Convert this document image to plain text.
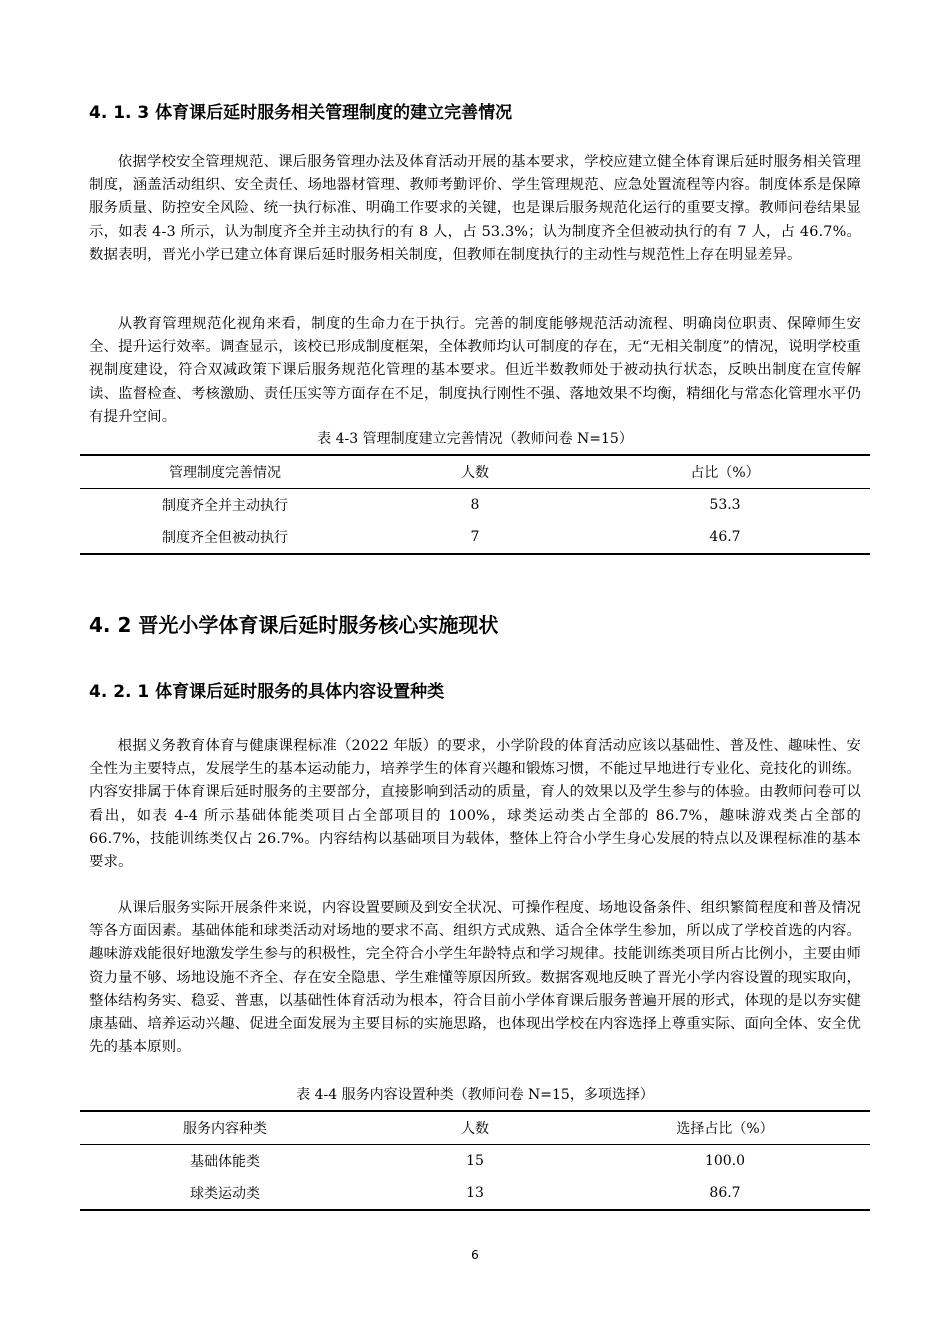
4. 1. 3 体育课后延时服务相关管理制度的建立完善情况

依据学校安全管理规范、课后服务管理办法及体育活动开展的基本要求，学校应建立健全体育课后延时服务相关管理制度，涵盖活动组织、安全责任、场地器材管理、教师考勤评价、学生管理规范、应急处置流程等内容。制度体系是保障服务质量、防控安全风险、统一执行标准、明确工作要求的关键，也是课后服务规范化运行的重要支撑。教师问卷结果显示，如表 4-3 所示，认为制度齐全并主动执行的有 8 人，占 53.3%；认为制度齐全但被动执行的有 7 人，占 46.7%。数据表明，晋光小学已建立体育课后延时服务相关制度，但教师在制度执行的主动性与规范性上存在明显差异。

从教育管理规范化视角来看，制度的生命力在于执行。完善的制度能够规范活动流程、明确岗位职责、保障师生安全、提升运行效率。调查显示，该校已形成制度框架，全体教师均认可制度的存在，无“无相关制度”的情况，说明学校重视制度建设，符合双减政策下课后服务规范化管理的基本要求。但近半数教师处于被动执行状态，反映出制度在宣传解读、监督检查、考核激励、责任压实等方面存在不足，制度执行刚性不强、落地效果不均衡，精细化与常态化管理水平仍有提升空间。

表 4-3 管理制度建立完善情况（教师问卷 N=15）
管理制度完善情况	人数	占比（%）
制度齐全并主动执行	8	53.3
制度齐全但被动执行	7	46.7
4. 2 晋光小学体育课后延时服务核心实施现状
4. 2. 1 体育课后延时服务的具体内容设置种类

根据义务教育体育与健康课程标准（2022 年版）的要求，小学阶段的体育活动应该以基础性、普及性、趣味性、安全性为主要特点，发展学生的基本运动能力，培养学生的体育兴趣和锻炼习惯，不能过早地进行专业化、竞技化的训练。内容安排属于体育课后延时服务的主要部分，直接影响到活动的质量，育人的效果以及学生参与的体验。由教师问卷可以看出，如表 4-4 所示基础体能类项目占全部项目的 100%，球类运动类占全部的 86.7%，趣味游戏类占全部的 66.7%，技能训练类仅占 26.7%。内容结构以基础项目为载体，整体上符合小学生身心发展的特点以及课程标准的基本要求。

从课后服务实际开展条件来说，内容设置要顾及到安全状况、可操作程度、场地设备条件、组织繁简程度和普及情况等各方面因素。基础体能和球类活动对场地的要求不高、组织方式成熟、适合全体学生参加，所以成了学校首选的内容。趣味游戏能很好地激发学生参与的积极性，完全符合小学生年龄特点和学习规律。技能训练类项目所占比例小，主要由师资力量不够、场地设施不齐全、存在安全隐患、学生难懂等原因所致。数据客观地反映了晋光小学内容设置的现实取向，整体结构务实、稳妥、普惠，以基础性体育活动为根本，符合目前小学体育课后服务普遍开展的形式，体现的是以夯实健康基础、培养运动兴趣、促进全面发展为主要目标的实施思路，也体现出学校在内容选择上尊重实际、面向全体、安全优先的基本原则。

表 4-4 服务内容设置种类（教师问卷 N=15，多项选择）
服务内容种类	人数	选择占比（%）
基础体能类	15	100.0
球类运动类	13	86.7
6
